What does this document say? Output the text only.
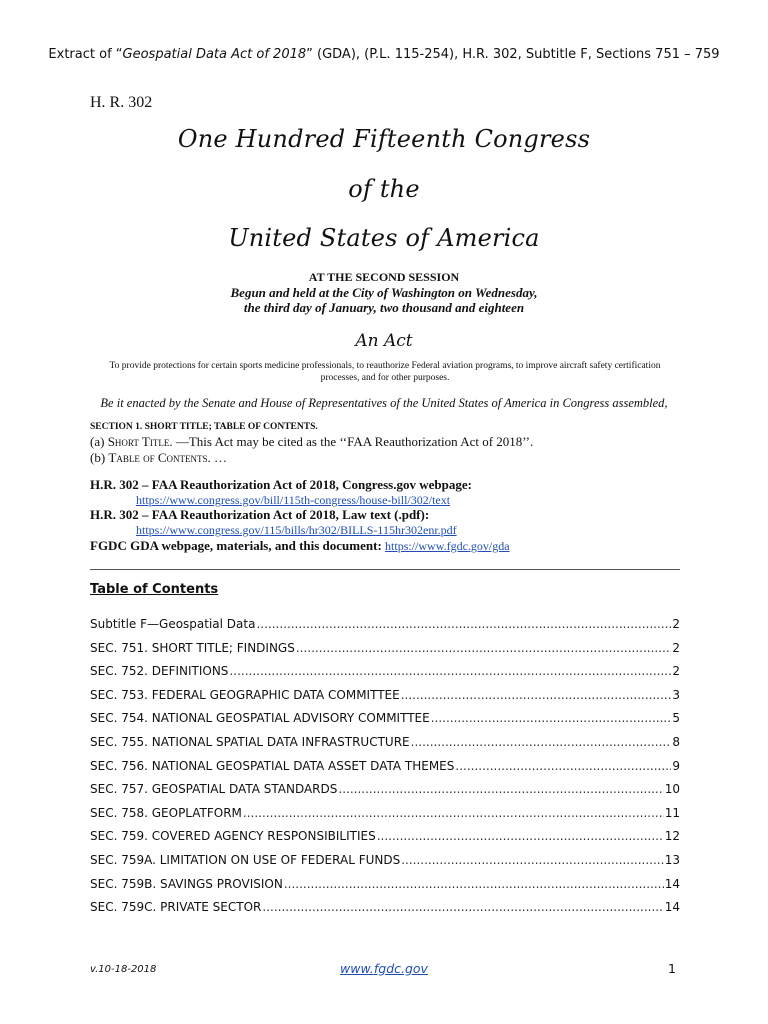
Extract of “Geospatial Data Act of 2018” (GDA), (P.L. 115-254), H.R. 302, Subtitle F, Sections 751 – 759
H. R. 302
One Hundred Fifteenth Congress
of the
United States of America
AT THE SECOND SESSION
Begun and held at the City of Washington on Wednesday,
the third day of January, two thousand and eighteen
An Act
To provide protections for certain sports medicine professionals, to reauthorize Federal aviation programs, to improve aircraft safety certification processes, and for other purposes.
Be it enacted by the Senate and House of Representatives of the United States of America in Congress assembled,
SECTION 1. SHORT TITLE; TABLE OF CONTENTS.
(a) Short Title. —This Act may be cited as the ‘‘FAA Reauthorization Act of 2018’’.
(b) Table of Contents. …
H.R. 302 – FAA Reauthorization Act of 2018, Congress.gov webpage:
https://www.congress.gov/bill/115th-congress/house-bill/302/text
H.R. 302 – FAA Reauthorization Act of 2018, Law text (.pdf):
https://www.congress.gov/115/bills/hr302/BILLS-115hr302enr.pdf
FGDC GDA webpage, materials, and this document: https://www.fgdc.gov/gda
Table of Contents
Subtitle F—Geospatial Data .....	2
SEC. 751. SHORT TITLE; FINDINGS .....	2
SEC. 752. DEFINITIONS .....	2
SEC. 753. FEDERAL GEOGRAPHIC DATA COMMITTEE .....	3
SEC. 754. NATIONAL GEOSPATIAL ADVISORY COMMITTEE .....	5
SEC. 755. NATIONAL SPATIAL DATA INFRASTRUCTURE .....	8
SEC. 756. NATIONAL GEOSPATIAL DATA ASSET DATA THEMES .....	9
SEC. 757. GEOSPATIAL DATA STANDARDS .....	10
SEC. 758. GEOPLATFORM .....	11
SEC. 759. COVERED AGENCY RESPONSIBILITIES .....	12
SEC. 759A. LIMITATION ON USE OF FEDERAL FUNDS .....	13
SEC. 759B. SAVINGS PROVISION .....	14
SEC. 759C. PRIVATE SECTOR .....	14
v.10-18-2018	www.fgdc.gov	1
